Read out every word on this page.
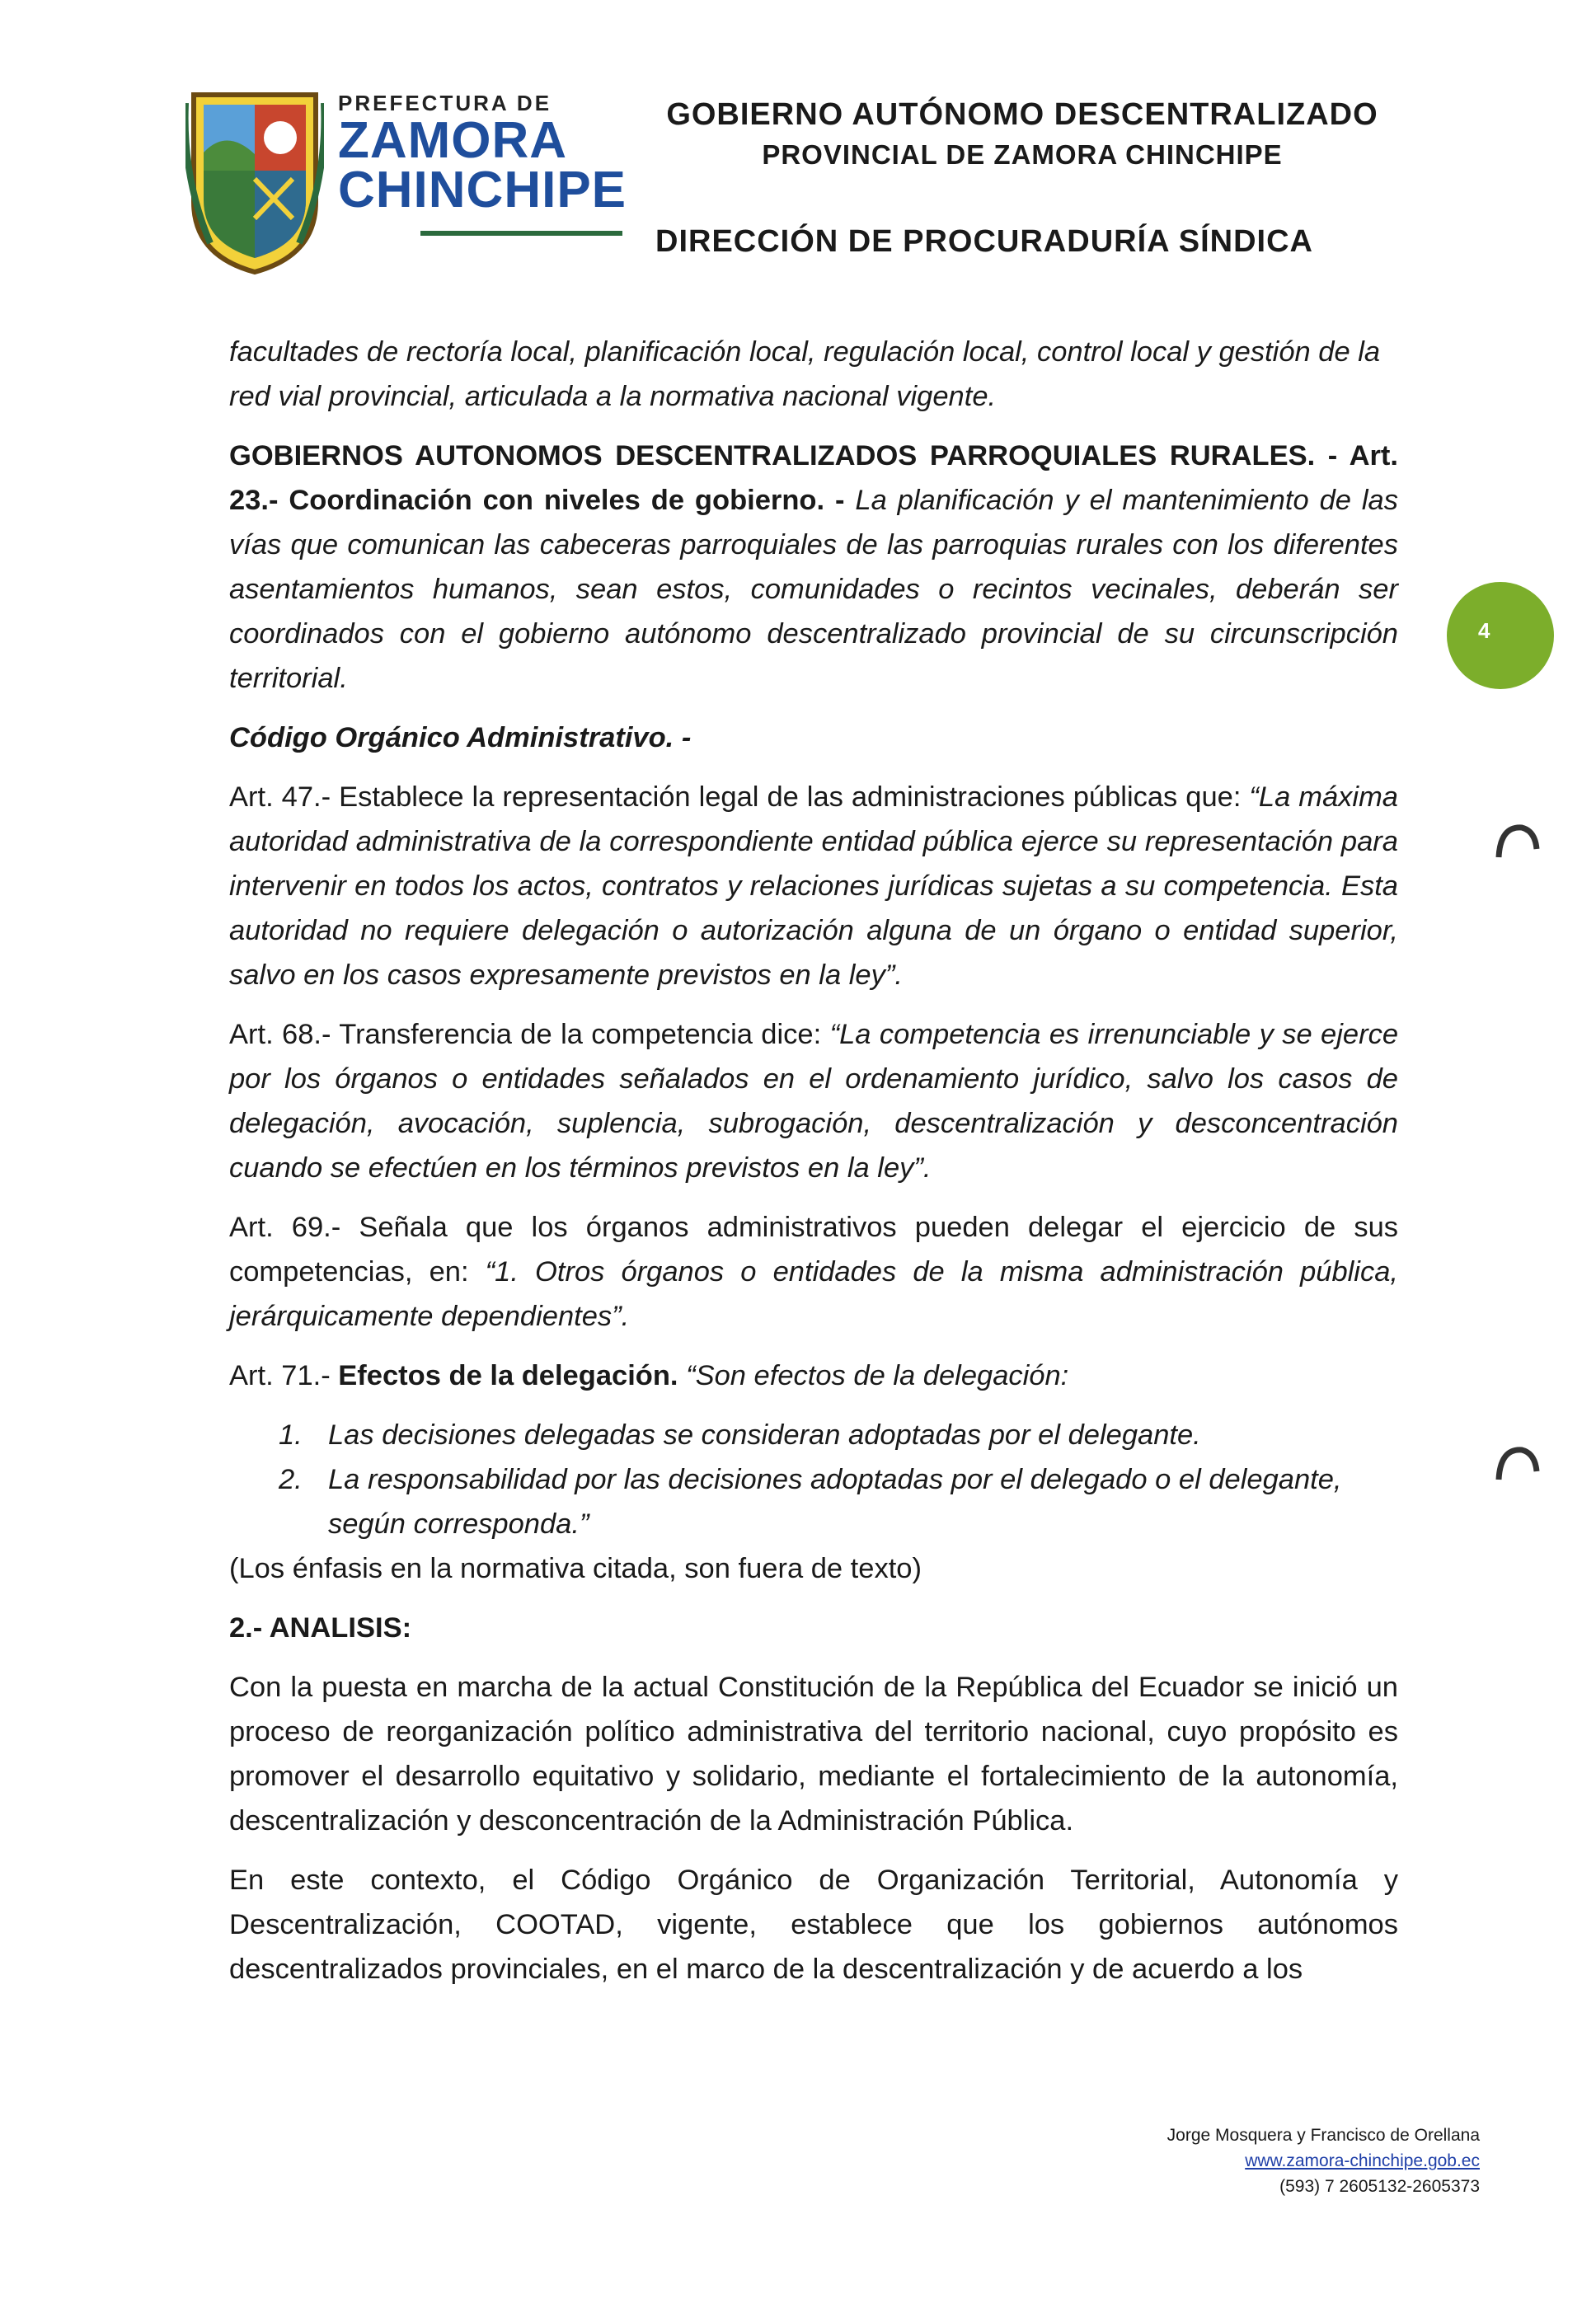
PREFECTURA DE
ZAMORA
CHINCHIPE
GOBIERNO AUTÓNOMO DESCENTRALIZADO
PROVINCIAL DE ZAMORA CHINCHIPE
DIRECCIÓN DE PROCURADURÍA SÍNDICA
4

facultades de rectoría local, planificación local, regulación local, control local y gestión de la red vial provincial, articulada a la normativa nacional vigente.

GOBIERNOS AUTONOMOS DESCENTRALIZADOS PARROQUIALES RURALES. - Art. 23.- Coordinación con niveles de gobierno. - La planificación y el mantenimiento de las vías que comunican las cabeceras parroquiales de las parroquias rurales con los diferentes asentamientos humanos, sean estos, comunidades o recintos vecinales, deberán ser coordinados con el gobierno autónomo descentralizado provincial de su circunscripción territorial.

Código Orgánico Administrativo. -

Art. 47.- Establece la representación legal de las administraciones públicas que: “La máxima autoridad administrativa de la correspondiente entidad pública ejerce su representación para intervenir en todos los actos, contratos y relaciones jurídicas sujetas a su competencia. Esta autoridad no requiere delegación o autorización alguna de un órgano o entidad superior, salvo en los casos expresamente previstos en la ley”.

Art. 68.- Transferencia de la competencia dice: “La competencia es irrenunciable y se ejerce por los órganos o entidades señalados en el ordenamiento jurídico, salvo los casos de delegación, avocación, suplencia, subrogación, descentralización y desconcentración cuando se efectúen en los términos previstos en la ley”.

Art. 69.- Señala que los órganos administrativos pueden delegar el ejercicio de sus competencias, en: “1. Otros órganos o entidades de la misma administración pública, jerárquicamente dependientes”.

Art. 71.- Efectos de la delegación. “Son efectos de la delegación:

1. Las decisiones delegadas se consideran adoptadas por el delegante.
2. La responsabilidad por las decisiones adoptadas por el delegado o el delegante, según corresponda.”

(Los énfasis en la normativa citada, son fuera de texto)

2.- ANALISIS:

Con la puesta en marcha de la actual Constitución de la República del Ecuador se inició un proceso de reorganización político administrativa del territorio nacional, cuyo propósito es promover el desarrollo equitativo y solidario, mediante el fortalecimiento de la autonomía, descentralización y desconcentración de la Administración Pública.

En este contexto, el Código Orgánico de Organización Territorial, Autonomía y Descentralización, COOTAD, vigente, establece que los gobiernos autónomos descentralizados provinciales, en el marco de la descentralización y de acuerdo a los

Jorge Mosquera y Francisco de Orellana
www.zamora-chinchipe.gob.ec
(593) 7 2605132-2605373
